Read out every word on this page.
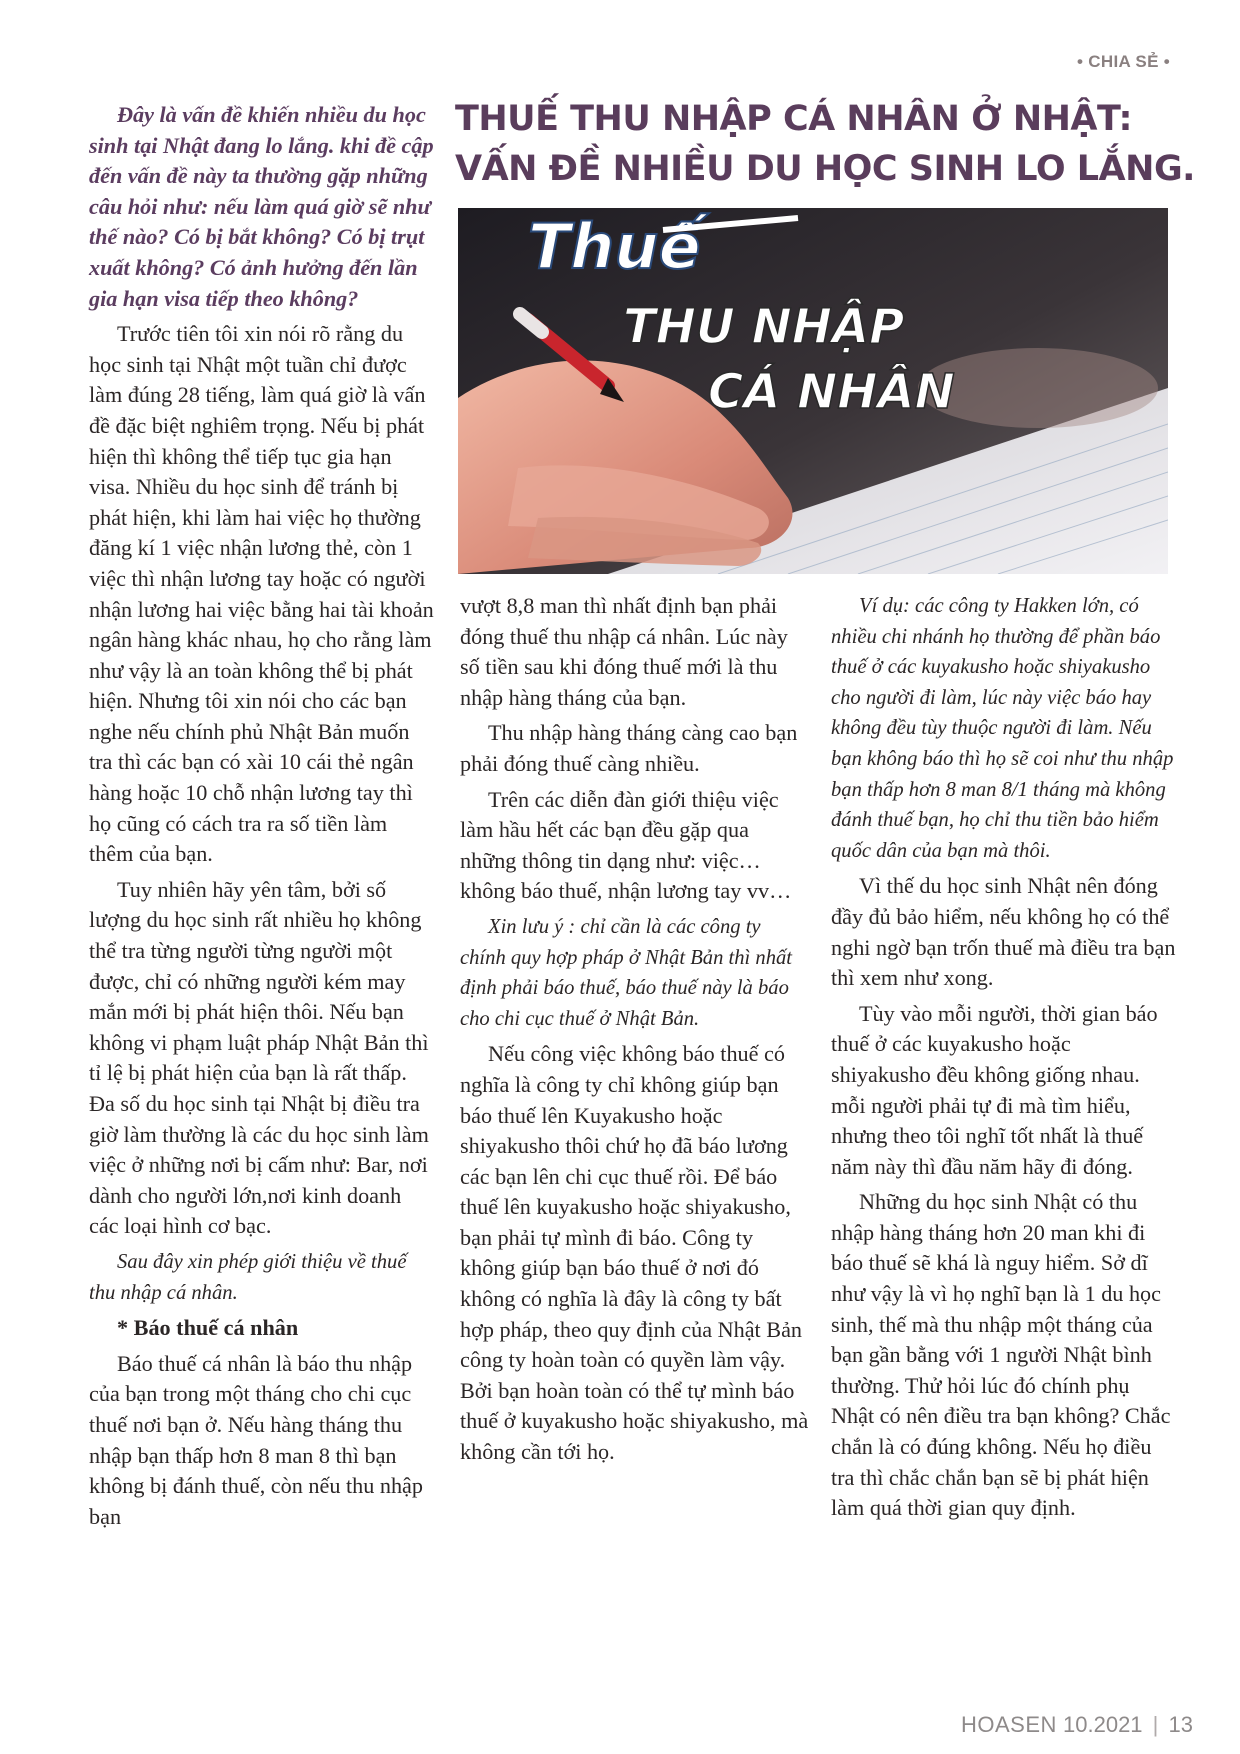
• CHIA SẺ •
THUẾ THU NHẬP CÁ NHÂN Ở NHẬT:
VẤN ĐỀ NHIỀU DU HỌC SINH LO LẮNG.
Thuế
THU NHẬP
CÁ NHÂN

Đây là vấn đề khiến nhiều du học sinh tại Nhật đang lo lắng. khi đề cập đến vấn đề này ta thường gặp những câu hỏi như: nếu làm quá giờ sẽ như thế nào? Có bị bắt không? Có bị trụt xuất không? Có ảnh hưởng đến lần gia hạn visa tiếp theo không?

Trước tiên tôi xin nói rõ rằng du học sinh tại Nhật một tuần chỉ được làm đúng 28 tiếng, làm quá giờ là vấn đề đặc biệt nghiêm trọng. Nếu bị phát hiện thì không thể tiếp tục gia hạn visa. Nhiều du học sinh để tránh bị phát hiện, khi làm hai việc họ thường đăng kí 1 việc nhận lương thẻ, còn 1 việc thì nhận lương tay hoặc có người nhận lương hai việc bằng hai tài khoản ngân hàng khác nhau, họ cho rằng làm như vậy là an toàn không thể bị phát hiện. Nhưng tôi xin nói cho các bạn nghe nếu chính phủ Nhật Bản muốn tra thì các bạn có xài 10 cái thẻ ngân hàng hoặc 10 chỗ nhận lương tay thì họ cũng có cách tra ra số tiền làm thêm của bạn.

Tuy nhiên hãy yên tâm, bởi số lượng du học sinh rất nhiều họ không thể tra từng người từng người một được, chỉ có những người kém may mắn mới bị phát hiện thôi. Nếu bạn không vi phạm luật pháp Nhật Bản thì tỉ lệ bị phát hiện của bạn là rất thấp. Đa số du học sinh tại Nhật bị điều tra giờ làm thường là các du học sinh làm việc ở những nơi bị cấm như: Bar, nơi dành cho người lớn,nơi kinh doanh các loại hình cơ bạc.

Sau đây xin phép giới thiệu về thuế thu nhập cá nhân.

* Báo thuế cá nhân

Báo thuế cá nhân là báo thu nhập của bạn trong một tháng cho chi cục thuế nơi bạn ở. Nếu hàng tháng thu nhập bạn thấp hơn 8 man 8 thì bạn không bị đánh thuế, còn nếu thu nhập bạn

vượt 8,8 man thì nhất định bạn phải đóng thuế thu nhập cá nhân. Lúc này số tiền sau khi đóng thuế mới là thu nhập hàng tháng của bạn.

Thu nhập hàng tháng càng cao bạn phải đóng thuế càng nhiều.

Trên các diễn đàn giới thiệu việc làm hầu hết các bạn đều gặp qua những thông tin dạng như: việc… không báo thuế, nhận lương tay vv…

Xin lưu ý : chỉ cần là các công ty chính quy hợp pháp ở Nhật Bản thì nhất định phải báo thuế, báo thuế này là báo cho chi cục thuế ở Nhật Bản.

Nếu công việc không báo thuế có nghĩa là công ty chỉ không giúp bạn báo thuế lên Kuyakusho hoặc shiyakusho thôi chứ họ đã báo lương các bạn lên chi cục thuế rồi. Để báo thuế lên kuyakusho hoặc shiyakusho, bạn phải tự mình đi báo. Công ty không giúp bạn báo thuế ở nơi đó không có nghĩa là đây là công ty bất hợp pháp, theo quy định của Nhật Bản công ty hoàn toàn có quyền làm vậy. Bởi bạn hoàn toàn có thể tự mình báo thuế ở kuyakusho hoặc shiyakusho, mà không cần tới họ.

Ví dụ: các công ty Hakken lớn, có nhiều chi nhánh họ thường để phần báo thuế ở các kuyakusho hoặc shiyakusho cho người đi làm, lúc này việc báo hay không đều tùy thuộc người đi làm. Nếu bạn không báo thì họ sẽ coi như thu nhập bạn thấp hơn 8 man 8/1 tháng mà không đánh thuế bạn, họ chỉ thu tiền bảo hiểm quốc dân của bạn mà thôi.

Vì thế du học sinh Nhật nên đóng đầy đủ bảo hiểm, nếu không họ có thể nghi ngờ bạn trốn thuế mà điều tra bạn thì xem như xong.

Tùy vào mỗi người, thời gian báo thuế ở các kuyakusho hoặc shiyakusho đều không giống nhau. mỗi người phải tự đi mà tìm hiểu, nhưng theo tôi nghĩ tốt nhất là thuế năm này thì đầu năm hãy đi đóng.

Những du học sinh Nhật có thu nhập hàng tháng hơn 20 man khi đi báo thuế sẽ khá là nguy hiểm. Sở dĩ như vậy là vì họ nghĩ bạn là 1 du học sinh, thế mà thu nhập một tháng của bạn gần bằng với 1 người Nhật bình thường. Thử hỏi lúc đó chính phụ Nhật có nên điều tra bạn không? Chắc chắn là có đúng không. Nếu họ điều tra thì chắc chắn bạn sẽ bị phát hiện làm quá thời gian quy định.

HOASEN 10.2021 | 13
